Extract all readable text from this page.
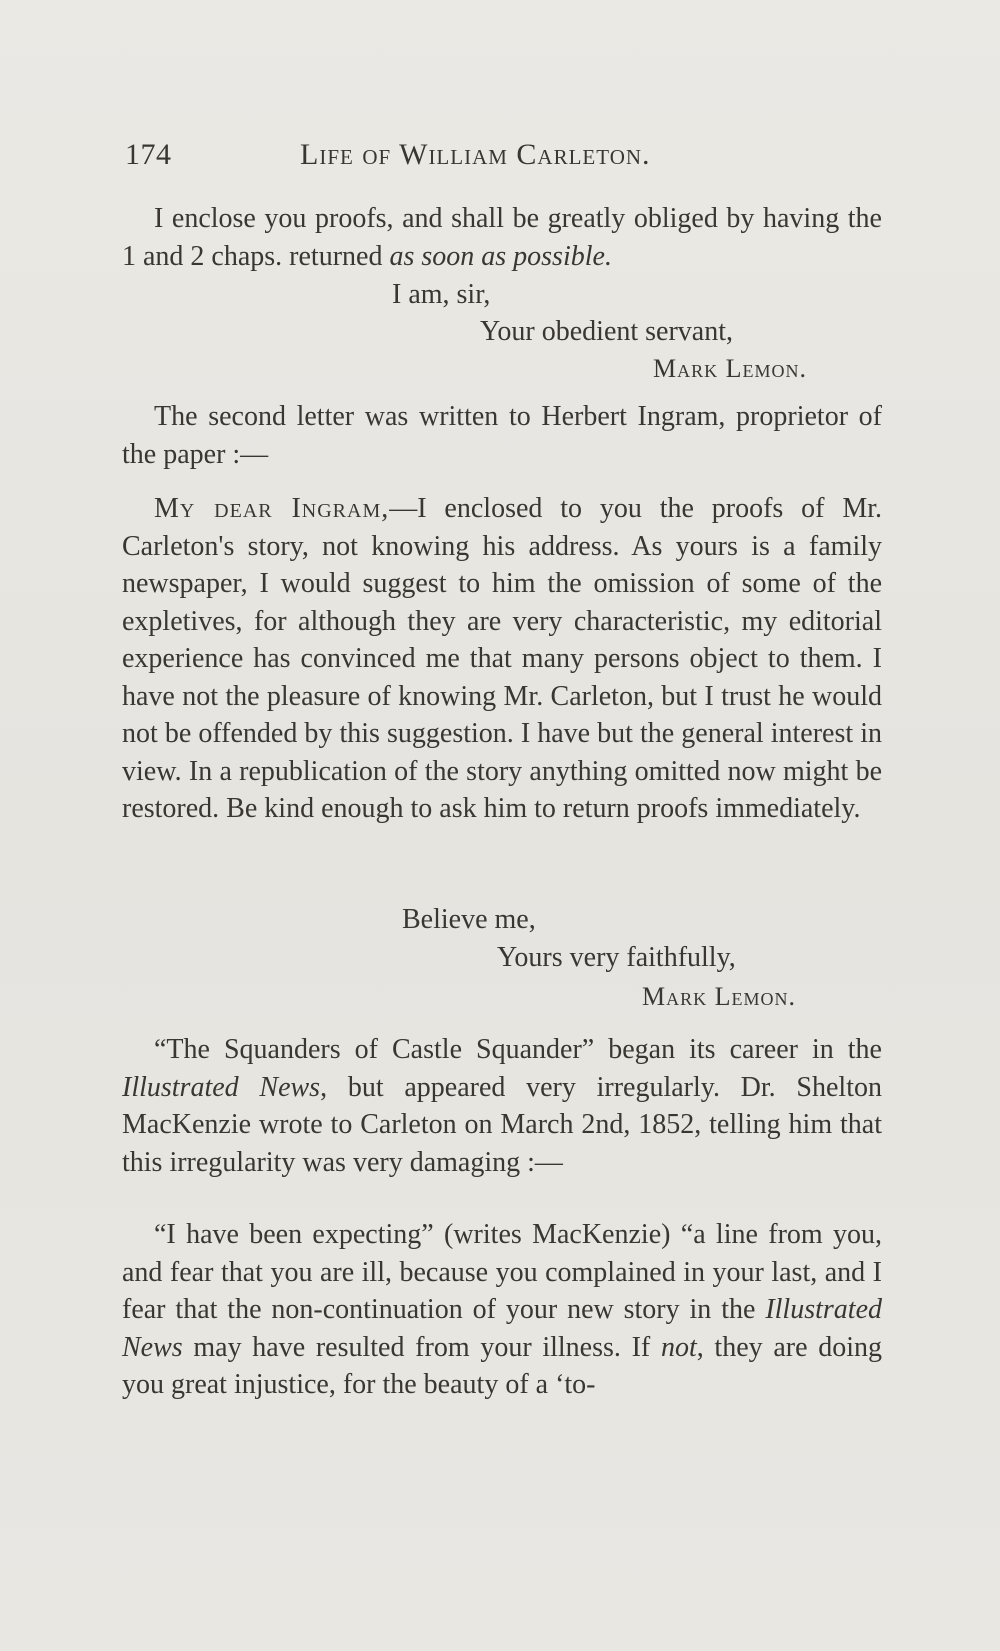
174	Life of William Carleton.

I enclose you proofs, and shall be greatly obliged by having the 1 and 2 chaps. returned as soon as possible.

I am, sir,
Your obedient servant,
Mark Lemon.

The second letter was written to Herbert Ingram, proprietor of the paper :—

My dear Ingram,—I enclosed to you the proofs of Mr. Carleton's story, not knowing his address. As yours is a family newspaper, I would suggest to him the omission of some of the expletives, for although they are very characteristic, my editorial experience has convinced me that many persons object to them. I have not the pleasure of knowing Mr. Carleton, but I trust he would not be offended by this suggestion. I have but the general interest in view. In a republication of the story anything omitted now might be restored. Be kind enough to ask him to return proofs immediately.

Believe me,
Yours very faithfully,
Mark Lemon.

“The Squanders of Castle Squander” began its career in the Illustrated News, but appeared very irregularly. Dr. Shelton MacKenzie wrote to Carleton on March 2nd, 1852, telling him that this irregularity was very damaging :—

“I have been expecting” (writes MacKenzie) “a line from you, and fear that you are ill, because you complained in your last, and I fear that the non-continuation of your new story in the Illustrated News may have resulted from your illness. If not, they are doing you great injustice, for the beauty of a ‘to-
